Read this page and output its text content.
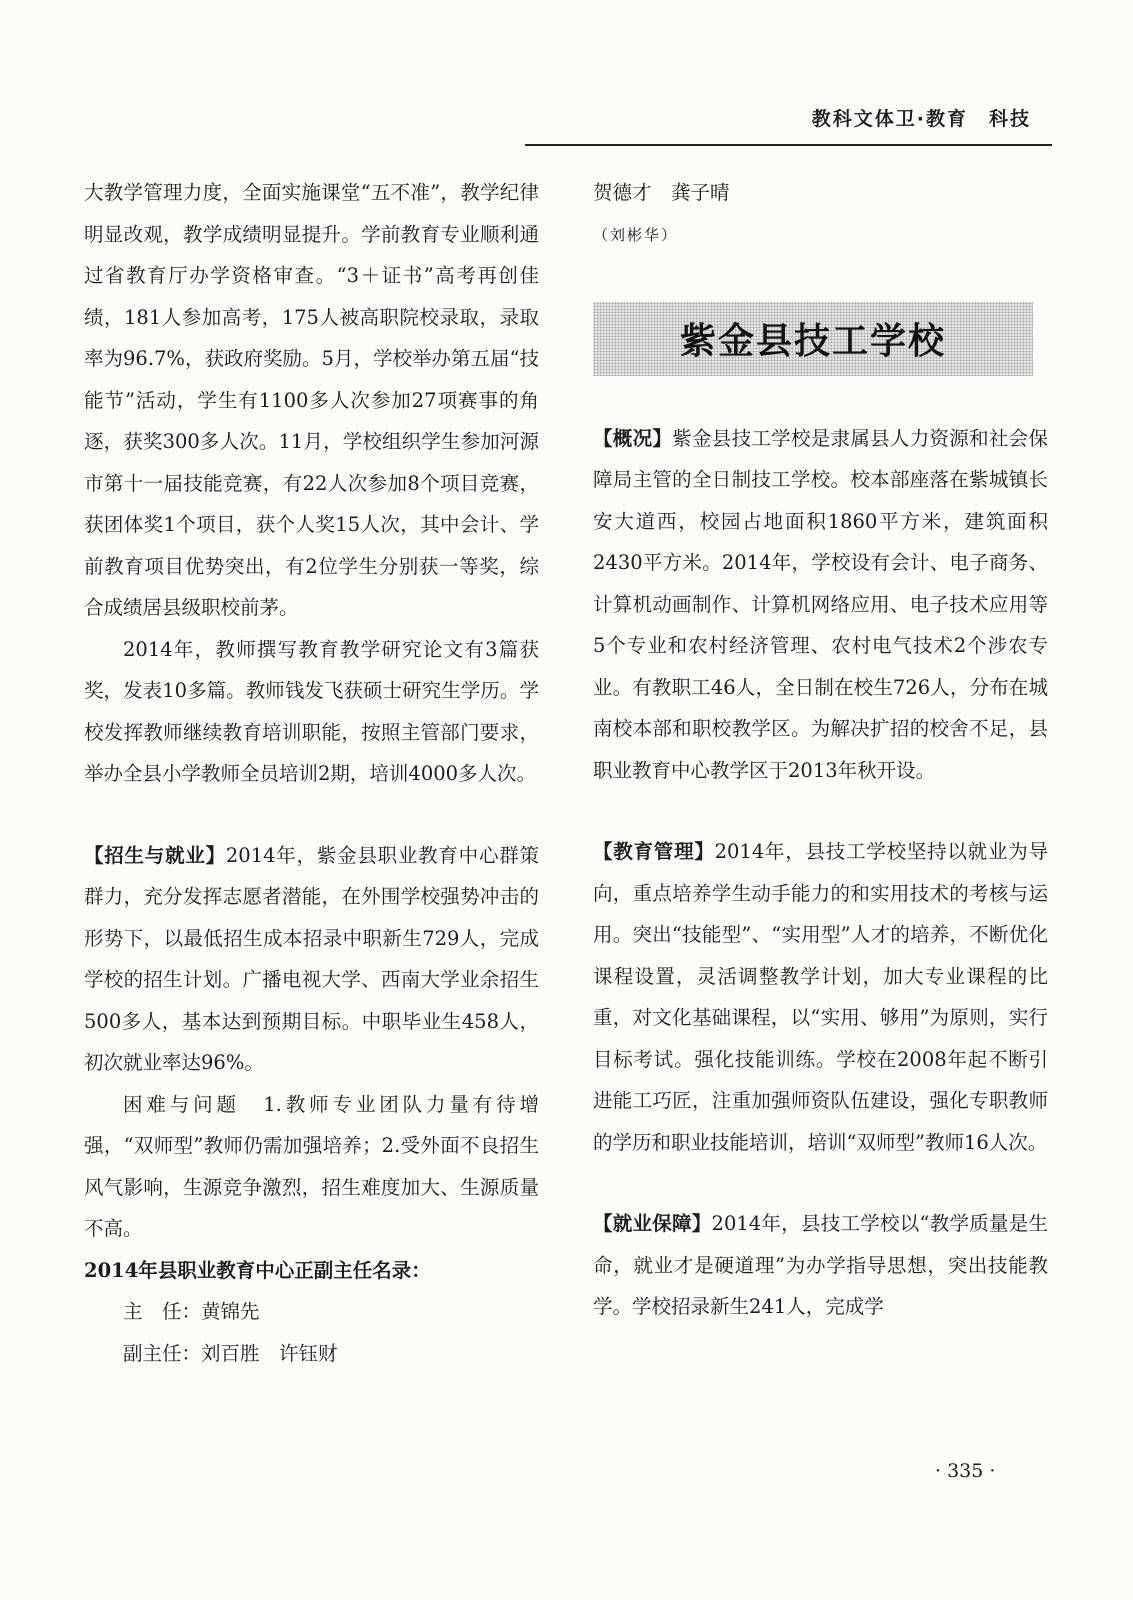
教科文体卫·教育　科技

大教学管理力度，全面实施课堂“五不准”，教学纪律明显改观，教学成绩明显提升。学前教育专业顺利通过省教育厅办学资格审查。“3＋证书”高考再创佳绩，181人参加高考，175人被高职院校录取，录取率为96.7%，获政府奖励。5月，学校举办第五届“技能节”活动，学生有1100多人次参加27项赛事的角逐，获奖300多人次。11月，学校组织学生参加河源市第十一届技能竞赛，有22人次参加8个项目竞赛，获团体奖1个项目，获个人奖15人次，其中会计、学前教育项目优势突出，有2位学生分别获一等奖，综合成绩居县级职校前茅。

2014年，教师撰写教育教学研究论文有3篇获奖，发表10多篇。教师钱发飞获硕士研究生学历。学校发挥教师继续教育培训职能，按照主管部门要求，举办全县小学教师全员培训2期，培训4000多人次。

【招生与就业】2014年，紫金县职业教育中心群策群力，充分发挥志愿者潜能，在外围学校强势冲击的形势下，以最低招生成本招录中职新生729人，完成学校的招生计划。广播电视大学、西南大学业余招生500多人，基本达到预期目标。中职毕业生458人，初次就业率达96%。

困难与问题　1.教师专业团队力量有待增强，“双师型”教师仍需加强培养；2.受外面不良招生风气影响，生源竞争激烈，招生难度加大、生源质量不高。

2014年县职业教育中心正副主任名录：

主　任：黄锦先

副主任：刘百胜　许钰财

贺德才　龚子晴

（刘彬华）

紫金县技工学校

【概况】紫金县技工学校是隶属县人力资源和社会保障局主管的全日制技工学校。校本部座落在紫城镇长安大道西，校园占地面积1860平方米，建筑面积2430平方米。2014年，学校设有会计、电子商务、计算机动画制作、计算机网络应用、电子技术应用等5个专业和农村经济管理、农村电气技术2个涉农专业。有教职工46人，全日制在校生726人，分布在城南校本部和职校教学区。为解决扩招的校舍不足，县职业教育中心教学区于2013年秋开设。

【教育管理】2014年，县技工学校坚持以就业为导向，重点培养学生动手能力的和实用技术的考核与运用。突出“技能型”、“实用型”人才的培养，不断优化课程设置，灵活调整教学计划，加大专业课程的比重，对文化基础课程，以“实用、够用”为原则，实行目标考试。强化技能训练。学校在2008年起不断引进能工巧匠，注重加强师资队伍建设，强化专职教师的学历和职业技能培训，培训“双师型”教师16人次。

【就业保障】2014年，县技工学校以“教学质量是生命，就业才是硬道理”为办学指导思想，突出技能教学。学校招录新生241人，完成学

· 335 ·
